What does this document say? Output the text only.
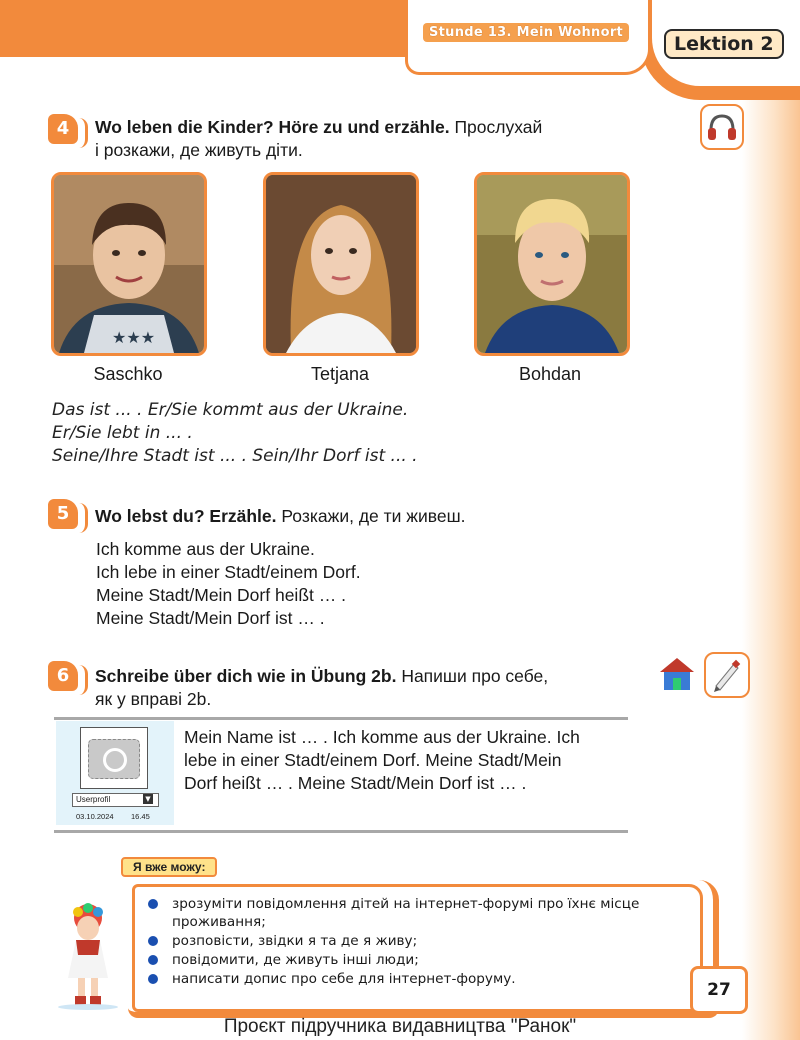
Stunde 13. Mein Wohnort
Lektion 2
4	Wo leben die Kinder? Höre zu und erzähle. Прослухай
і розкажи, де живуть діти.
★★★
Saschko	Tetjana	Bohdan
Das ist ... . Er/Sie kommt aus der Ukraine.
Er/Sie lebt in ... .
Seine/Ihre Stadt ist ... . Sein/Ihr Dorf ist ... .
5	Wo lebst du? Erzähle. Розкажи, де ти живеш.
Ich komme aus der Ukraine.
Ich lebe in einer Stadt/einem Dorf.
Meine Stadt/Mein Dorf heißt … .
Meine Stadt/Mein Dorf ist … .
6	Schreibe über dich wie in Übung 2b. Напиши про себе,
як у вправі 2b.
Userprofil	▼
03.10.2024 16.45
Mein Name ist … . Ich komme aus der Ukraine. Ich
lebe in einer Stadt/einem Dorf. Meine Stadt/Mein
Dorf heißt … . Meine Stadt/Mein Dorf ist … .
Я вже можу:
зрозуміти повідомлення дітей на інтернет-форумі про їхнє місце проживання;
розповісти, звідки я та де я живу;
повідомити, де живуть інші люди;
написати допис про себе для інтернет-форуму.
27
Проєкт підручника видавництва "Ранок"
